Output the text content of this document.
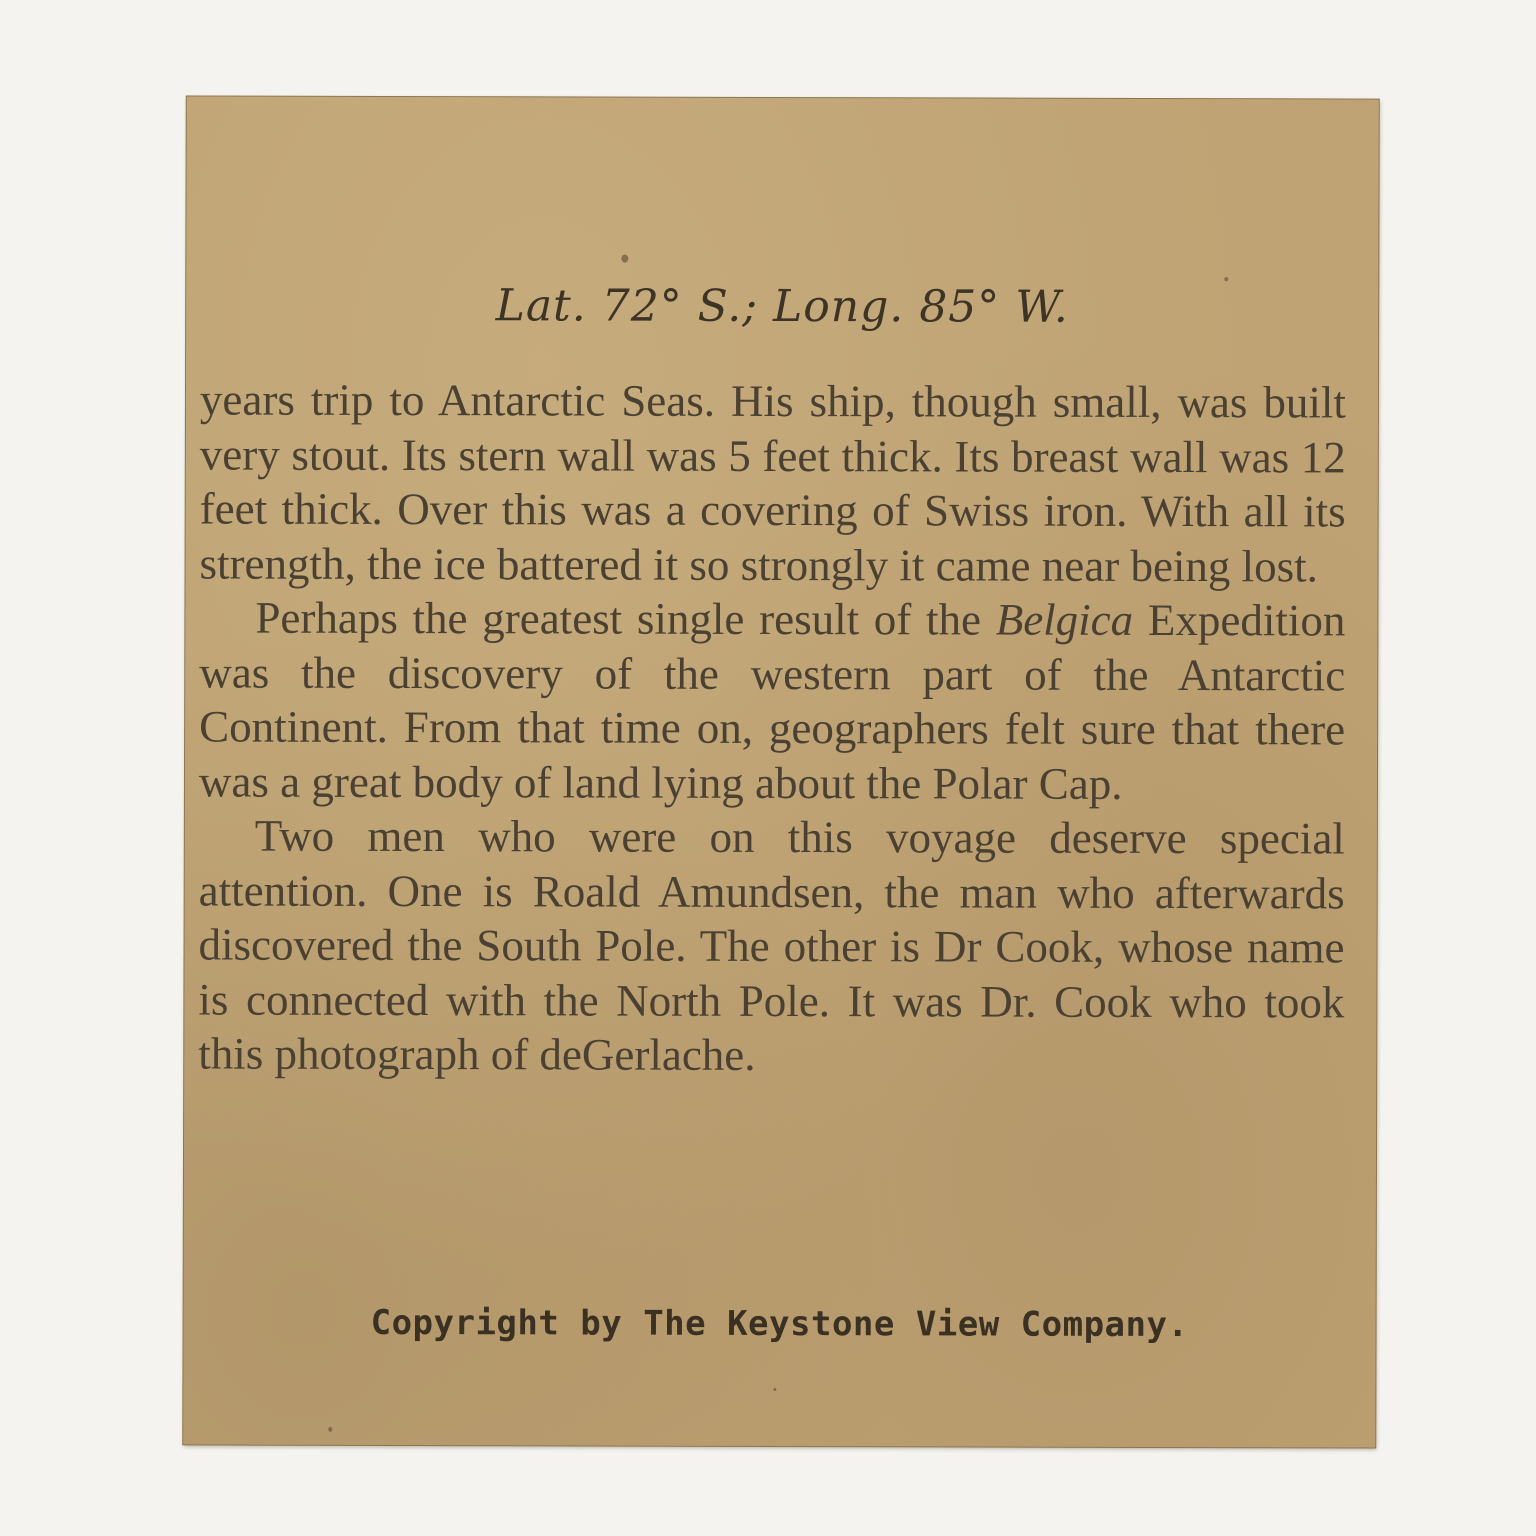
Lat. 72° S.; Long. 85° W.

years trip to Antarctic Seas. His ship, though small, was built very stout. Its stern wall was 5 feet thick. Its breast wall was 12 feet thick. Over this was a covering of Swiss iron. With all its strength, the ice battered it so strongly it came near being lost.

Perhaps the greatest single result of the Belgica Expedition was the discovery of the western part of the Antarctic Continent. From that time on, geographers felt sure that there was a great body of land lying about the Polar Cap.

Two men who were on this voyage deserve special attention. One is Roald Amundsen, the man who afterwards discovered the South Pole. The other is Dr Cook, whose name is connected with the North Pole. It was Dr. Cook who took this photograph of deGerlache.

Copyright by The Keystone View Company.
